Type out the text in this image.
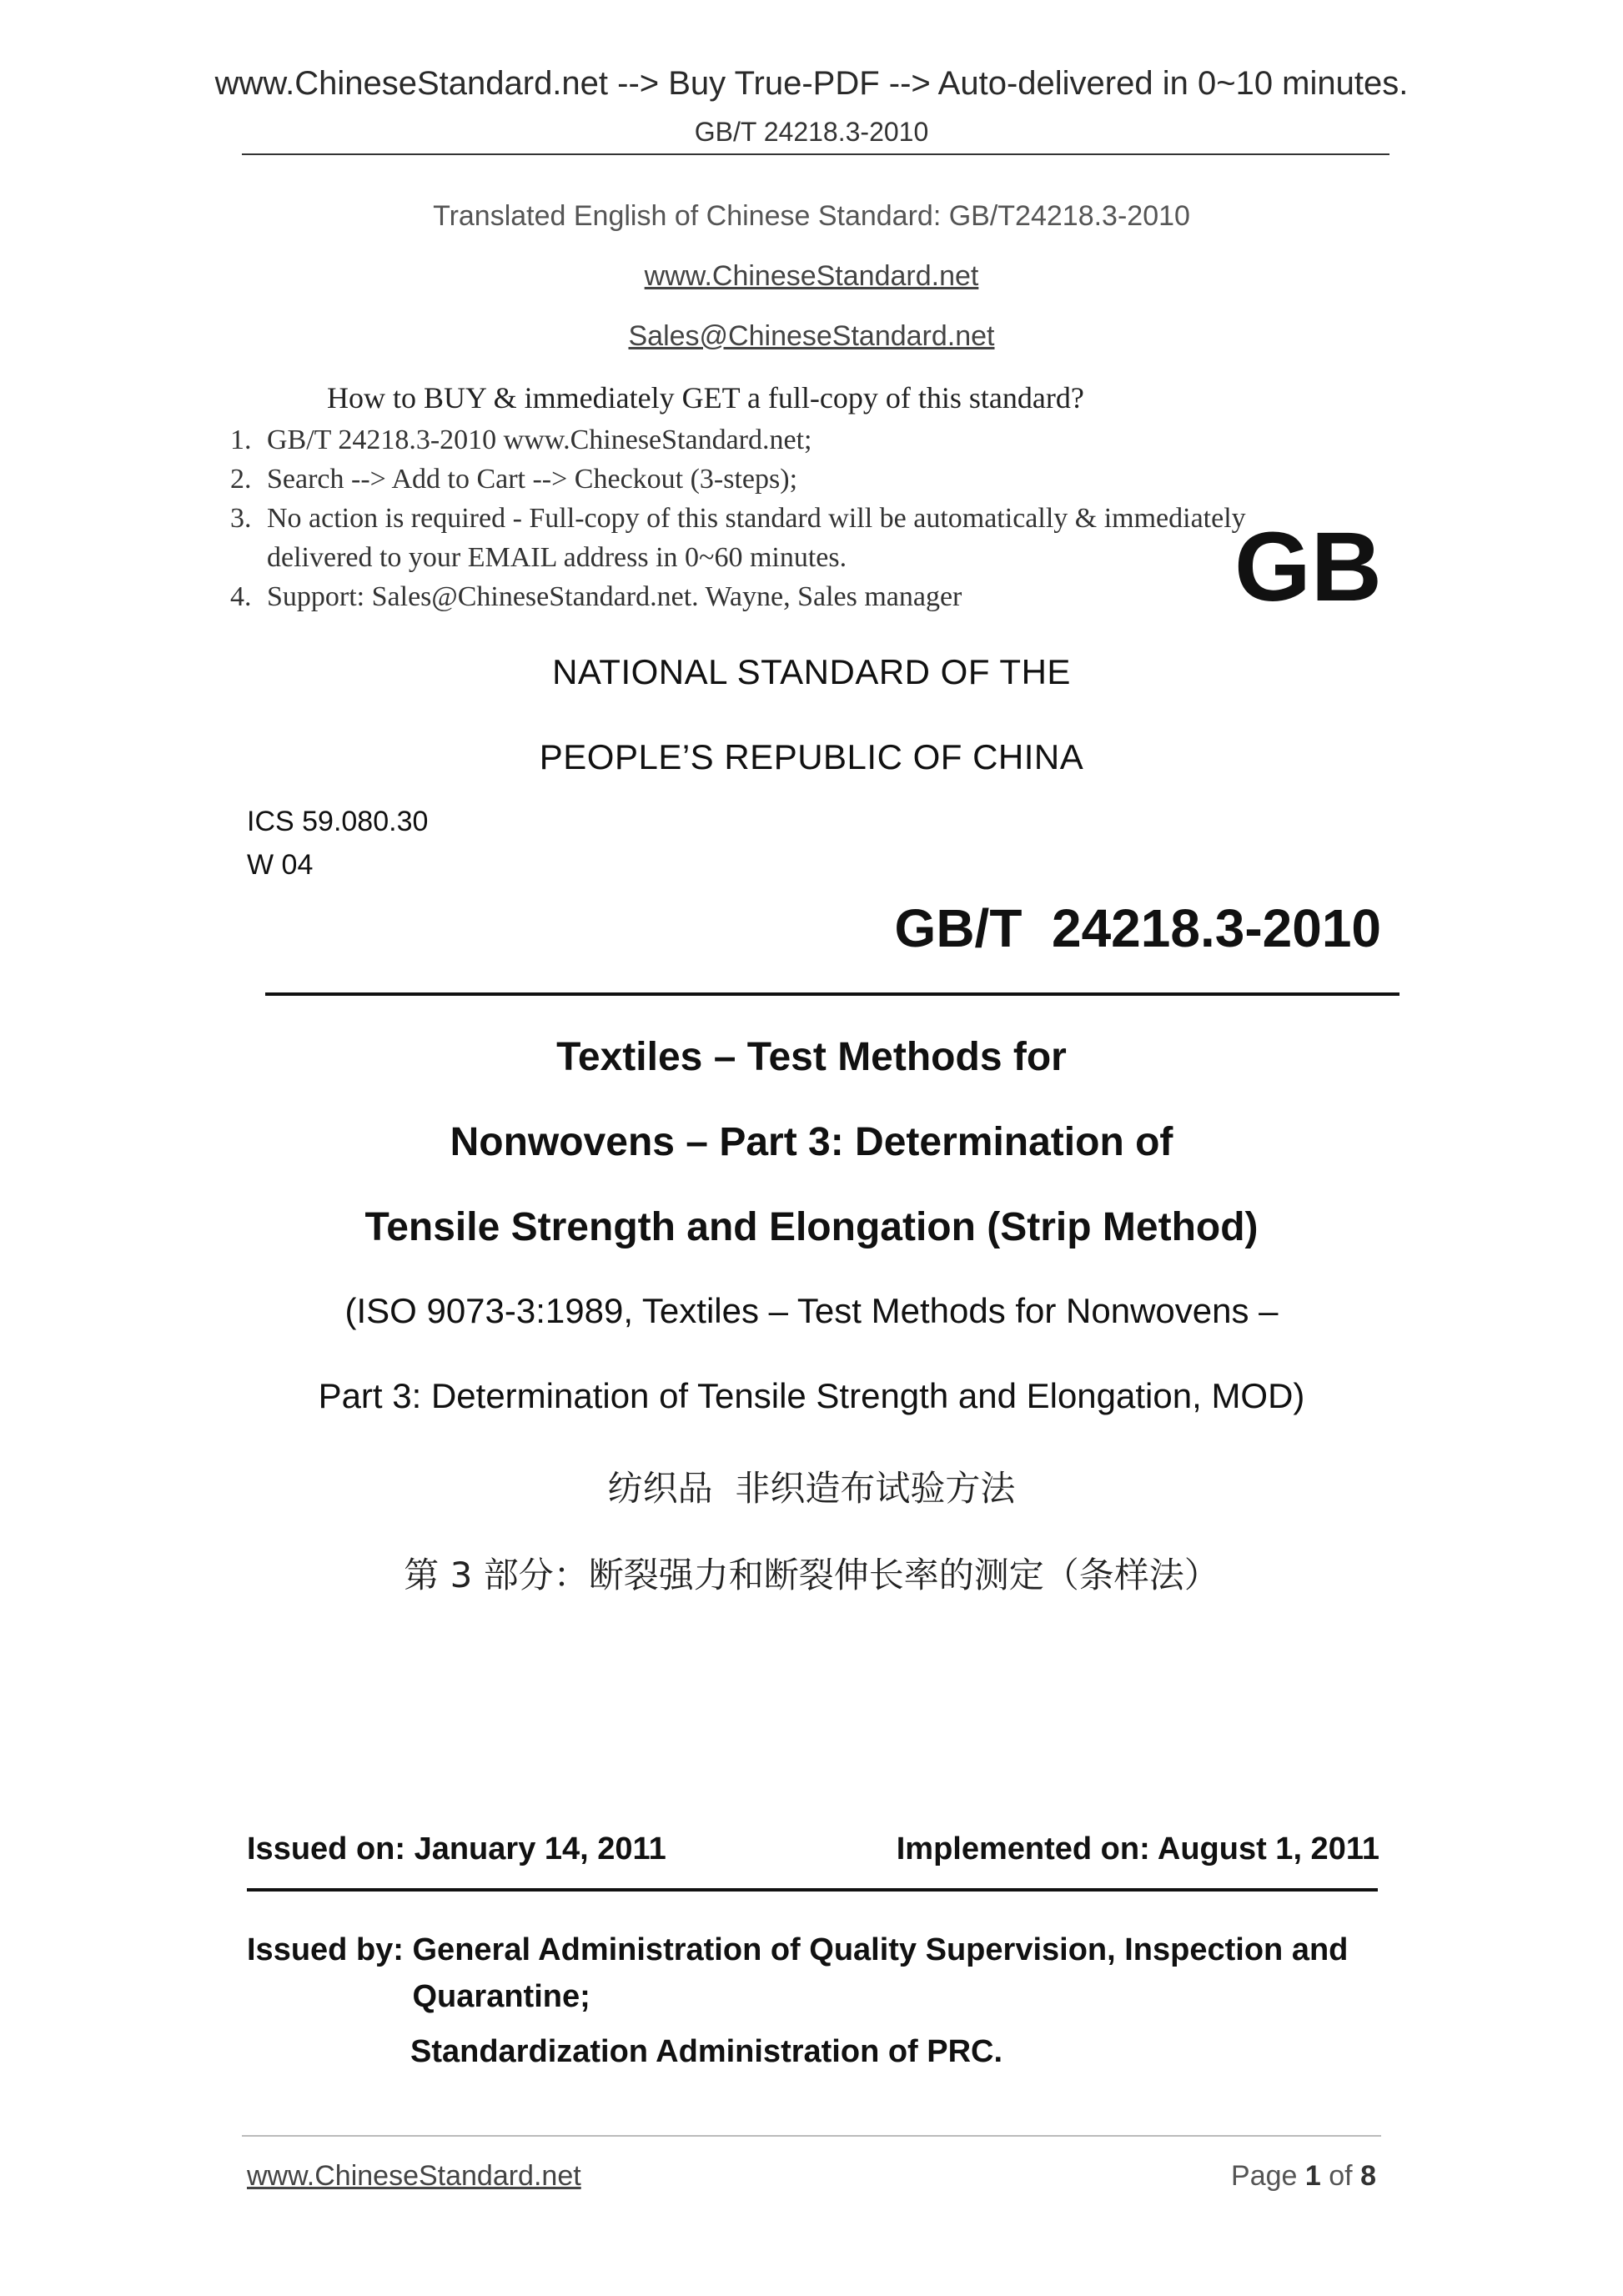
www.ChineseStandard.net --> Buy True-PDF --> Auto-delivered in 0~10 minutes.
GB/T 24218.3-2010
Translated English of Chinese Standard: GB/T24218.3-2010
www.ChineseStandard.net
Sales@ChineseStandard.net
How to BUY & immediately GET a full-copy of this standard?
1. GB/T 24218.3-2010 www.ChineseStandard.net;
2. Search --> Add to Cart --> Checkout (3-steps);
3. No action is required - Full-copy of this standard will be automatically & immediately delivered to your EMAIL address in 0~60 minutes.
4. Support: Sales@ChineseStandard.net. Wayne, Sales manager	GB
NATIONAL STANDARD OF THE
PEOPLE’S REPUBLIC OF CHINA
ICS 59.080.30
W 04
GB/T  24218.3-2010
Textiles – Test Methods for
Nonwovens – Part 3: Determination of
Tensile Strength and Elongation (Strip Method)
(ISO 9073-3:1989, Textiles – Test Methods for Nonwovens –
Part 3: Determination of Tensile Strength and Elongation, MOD)
纺织品  非织造布试验方法
第 3 部分：断裂强力和断裂伸长率的测定（条样法）
Issued on: January 14, 2011	Implemented on: August 1, 2011
Issued by: General Administration of Quality Supervision, Inspection and Quarantine;
Standardization Administration of PRC.
www.ChineseStandard.net	Page 1 of 8
